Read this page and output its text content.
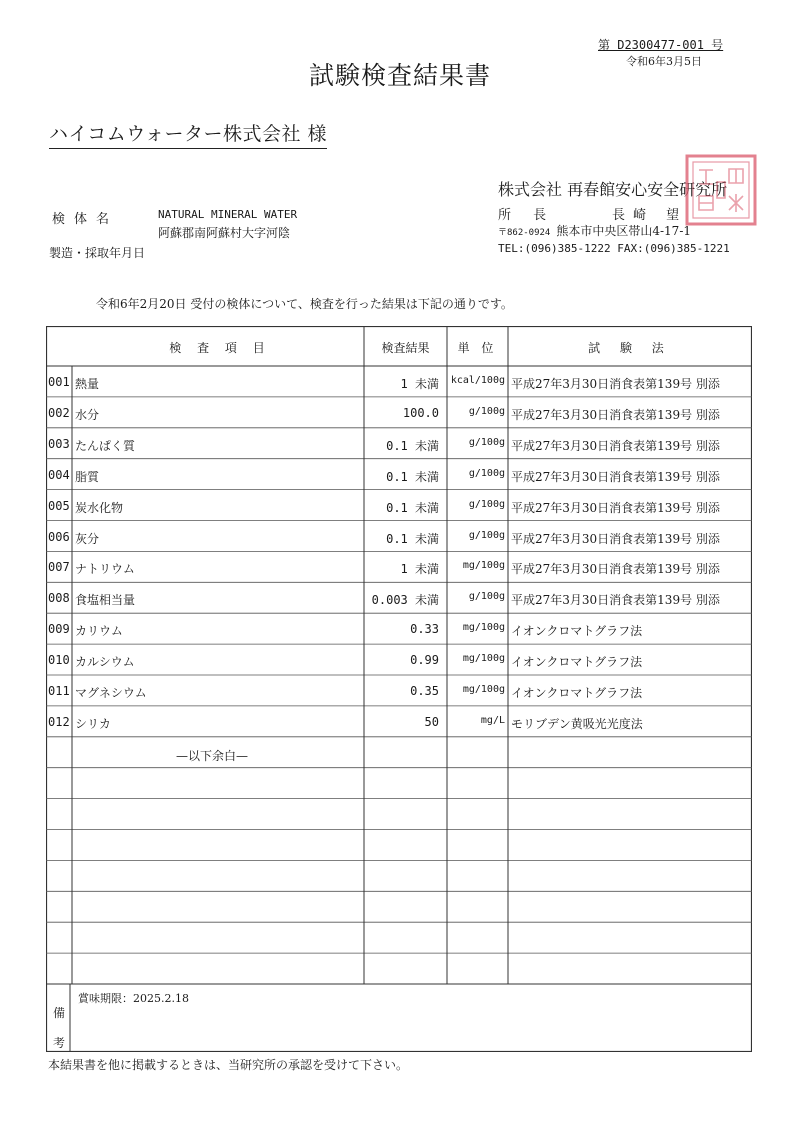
第 D2300477-001 号
令和6年3月5日
試験検査結果書
ハイコムウォーター株式会社 様
株式会社 再春館安心安全研究所
所 長	長崎 望
〒862-0924 熊本市中央区帯山4-17-1
TEL:(096)385-1222 FAX:(096)385-1221
検体名	NATURAL MINERAL WATER
阿蘇郡南阿蘇村大字河陰
製造・採取年月日
令和6年2月20日 受付の検体について、検査を行った結果は下記の通りです。
検 査 項 目	検査結果	単 位	試 験 法
001 熱量	1 未満	kcal/100g 平成27年3月30日消食表第139号 別添
002 水分	100.0	g/100g 平成27年3月30日消食表第139号 別添
003 たんぱく質	0.1 未満	g/100g 平成27年3月30日消食表第139号 別添
004 脂質	0.1 未満	g/100g 平成27年3月30日消食表第139号 別添
005 炭水化物	0.1 未満	g/100g 平成27年3月30日消食表第139号 別添
006 灰分	0.1 未満	g/100g 平成27年3月30日消食表第139号 別添
007 ナトリウム	1 未満	mg/100g 平成27年3月30日消食表第139号 別添
008 食塩相当量	0.003 未満	g/100g 平成27年3月30日消食表第139号 別添
009 カリウム	0.33	mg/100g イオンクロマトグラフ法
010 カルシウム	0.99	mg/100g イオンクロマトグラフ法
011 マグネシウム	0.35	mg/100g イオンクロマトグラフ法
012 シリカ	50	mg/L モリブデン黄吸光光度法
—以下余白—
備考
賞味期限：2025.2.18
本結果書を他に掲載するときは、当研究所の承認を受けて下さい。
